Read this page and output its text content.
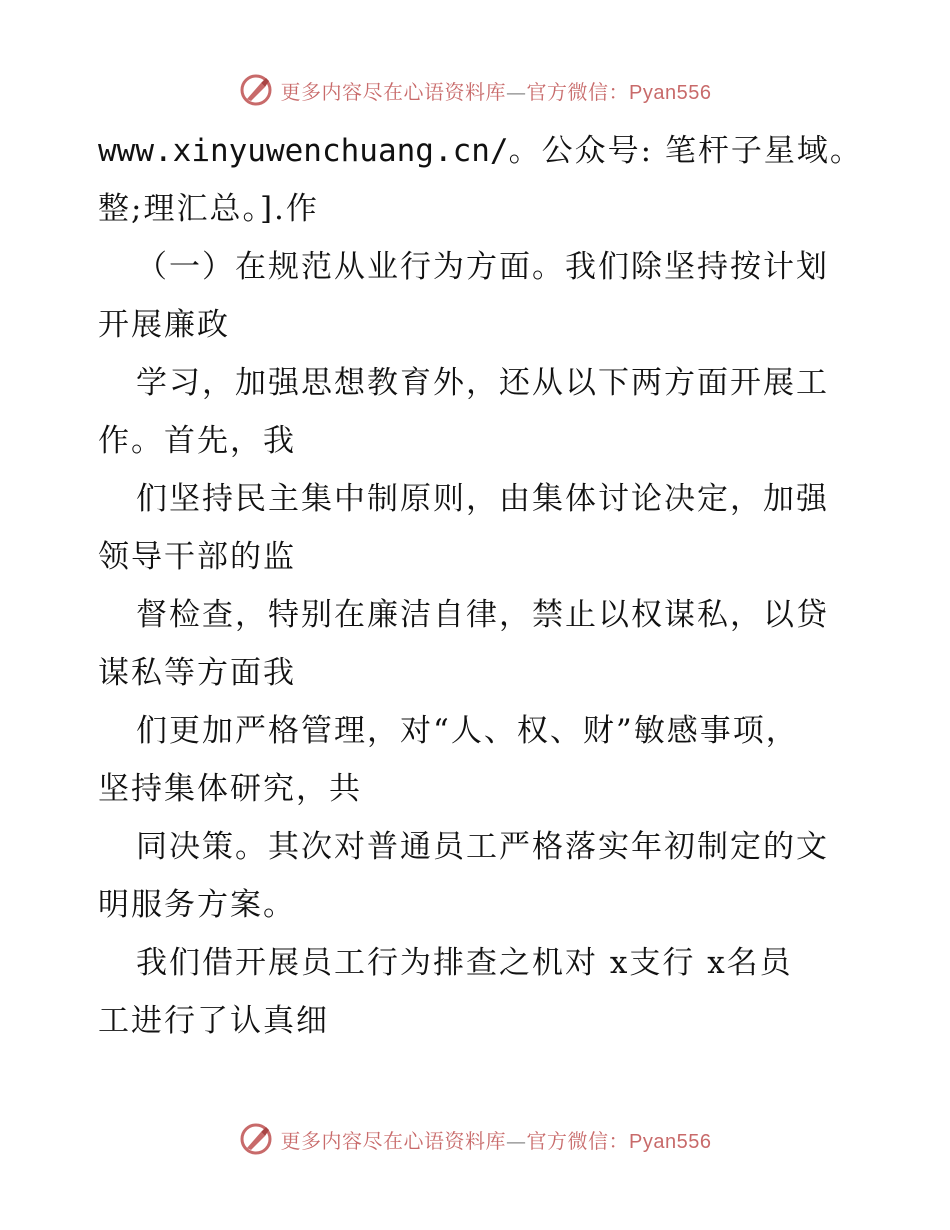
更多内容尽在心语资料库—官方微信：Pyan556
www.xinyuwenchuang.cn/。公众号: 笔杆子星域。
整;理汇总。].作
（一）在规范从业行为方面。我们除坚持按计划
开展廉政
学习，加强思想教育外，还从以下两方面开展工
作。首先，我
们坚持民主集中制原则，由集体讨论决定，加强
领导干部的监
督检查，特别在廉洁自律，禁止以权谋私，以贷
谋私等方面我
们更加严格管理，对“人、权、财”敏感事项，
坚持集体研究，共
同决策。其次对普通员工严格落实年初制定的文
明服务方案。
我们借开展员工行为排查之机对 x支行 x名员
工进行了认真细
更多内容尽在心语资料库—官方微信：Pyan556
